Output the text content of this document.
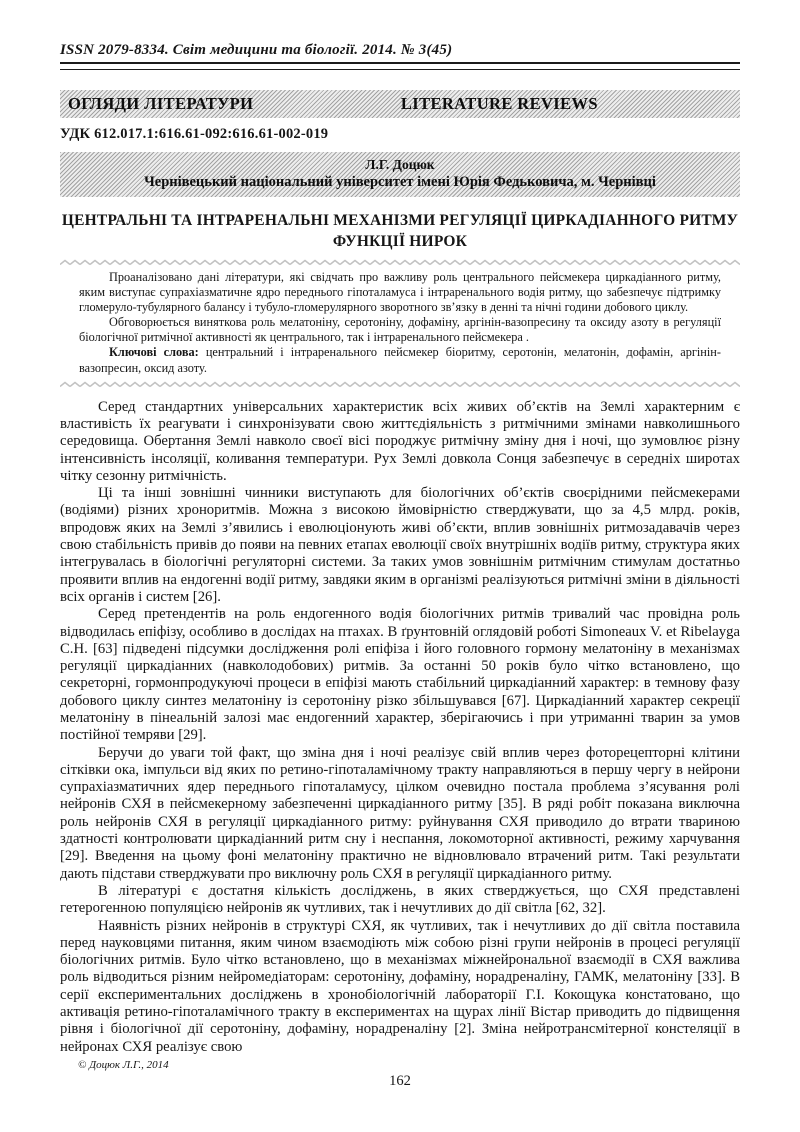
ISSN 2079-8334. Світ медицини та біології. 2014. № 3(45)
ОГЛЯДИ ЛІТЕРАТУРИ	LITERATURE REVIEWS
УДК 612.017.1:616.61-092:616.61-002-019
Л.Г. Доцюк
Чернівецький національний університет імені Юрія Федьковича, м. Чернівці
ЦЕНТРАЛЬНІ ТА ІНТРАРЕНАЛЬНІ МЕХАНІЗМИ РЕГУЛЯЦІЇ ЦИРКАДІАННОГО РИТМУ ФУНКЦІЇ НИРОК

Проаналізовано дані літератури, які свідчать про важливу роль центрального пейсмекера циркадіанного ритму, яким виступає супрахіазматичне ядро переднього гіпоталамуса і інтраренального водія ритму, що забезпечує підтримку гломеруло-тубулярного балансу і тубуло-гломерулярного зворотного зв’язку в денні та нічні години добового циклу.

Обговорюється виняткова роль мелатоніну, серотоніну, дофаміну, аргінін-вазопресину та оксиду азоту в регуляції біологічної ритмічної активності як центрального, так і інтраренального пейсмекера .

Ключові слова: центральний і інтраренального пейсмекер біоритму, серотонін, мелатонін, дофамін, аргінін-вазопресин, оксид азоту.

Серед стандартних універсальних характеристик всіх живих об’єктів на Землі характерним є властивість їх реагувати і синхронізувати свою життєдіяльність з ритмічними змінами навколишнього середовища. Обертання Землі навколо своєї вісі породжує ритмічну зміну дня і ночі, що зумовлює різну інтенсивність інсоляції, коливання температури. Рух Землі довкола Сонця забезпечує в середніх широтах чітку сезонну ритмічність.

Ці та інші зовнішні чинники виступають для біологічних об’єктів своєрідними пейсмекерами (водіями) різних хроноритмів. Можна з високою ймовірністю стверджувати, що за 4,5 млрд. років, впродовж яких на Землі з’явились і еволюціонують живі об’єкти, вплив зовнішніх ритмозадавачів через свою стабільність привів до появи на певних етапах еволюції своїх внутрішніх водіїв ритму, структура яких інтегрувалась в біологічні регуляторні системи. За таких умов зовнішнім ритмічним стимулам достатньо проявити вплив на ендогенні водії ритму, завдяки яким в організмі реалізуються ритмічні зміни в діяльності всіх органів і систем [26].

Серед претендентів на роль ендогенного водія біологічних ритмів тривалий час провідна роль відводилась епіфізу, особливо в дослідах на птахах. В ґрунтовній оглядовій роботі Simoneaux V. et Ribelayga C.H. [63] підведені підсумки дослідження ролі епіфіза і його головного гормону мелатоніну в механізмах регуляції циркадіанних (навколодобових) ритмів. За останні 50 років було чітко встановлено, що секреторні, гормонпродукуючі процеси в епіфізі мають стабільний циркадіанний характер: в темнову фазу добового циклу синтез мелатоніну із серотоніну різко збільшувався [67]. Циркадіанний характер секреції мелатоніну в пінеальній залозі має ендогенний характер, зберігаючись і при утриманні тварин за умов постійної темряви [29].

Беручи до уваги той факт, що зміна дня і ночі реалізує свій вплив через фоторецепторні клітини сітківки ока, імпульси від яких по ретино-гіпоталамічному тракту направляються в першу чергу в нейрони супрахіазматичних ядер переднього гіпоталамусу, цілком очевидно постала проблема з’ясування ролі нейронів СХЯ в пейсмекерному забезпеченні циркадіанного ритму [35]. В ряді робіт показана виключна роль нейронів СХЯ в регуляції циркадіанного ритму: руйнування СХЯ приводило до втрати твариною здатності контролювати циркадіанний ритм сну і неспання, локомоторної активності, режиму харчування [29]. Введення на цьому фоні мелатоніну практично не відновлювало втрачений ритм. Такі результати дають підстави стверджувати про виключну роль СХЯ в регуляції циркадіанного ритму.

В літературі є достатня кількість досліджень, в яких стверджується, що СХЯ представлені гетерогенною популяцією нейронів як чутливих, так і нечутливих до дії світла [62, 32].

Наявність різних нейронів в структурі СХЯ, як чутливих, так і нечутливих до дії світла поставила перед науковцями питання, яким чином взаємодіють між собою різні групи нейронів в процесі регуляції біологічних ритмів. Було чітко встановлено, що в механізмах міжнейрональної взаємодії в СХЯ важлива роль відводиться різним нейромедіаторам: серотоніну, дофаміну, норадреналіну, ГАМК, мелатоніну [33]. В серії експериментальних досліджень в хронобіологічній лабораторії Г.І. Кокощука констатовано, що активація ретино-гіпоталамічного тракту в експериментах на щурах лінії Вістар приводить до підвищення рівня і біологічної дії серотоніну, дофаміну, норадреналіну [2]. Зміна нейротрансмітерної констеляції в нейронах СХЯ реалізує свою

© Доцюк Л.Г., 2014
162
